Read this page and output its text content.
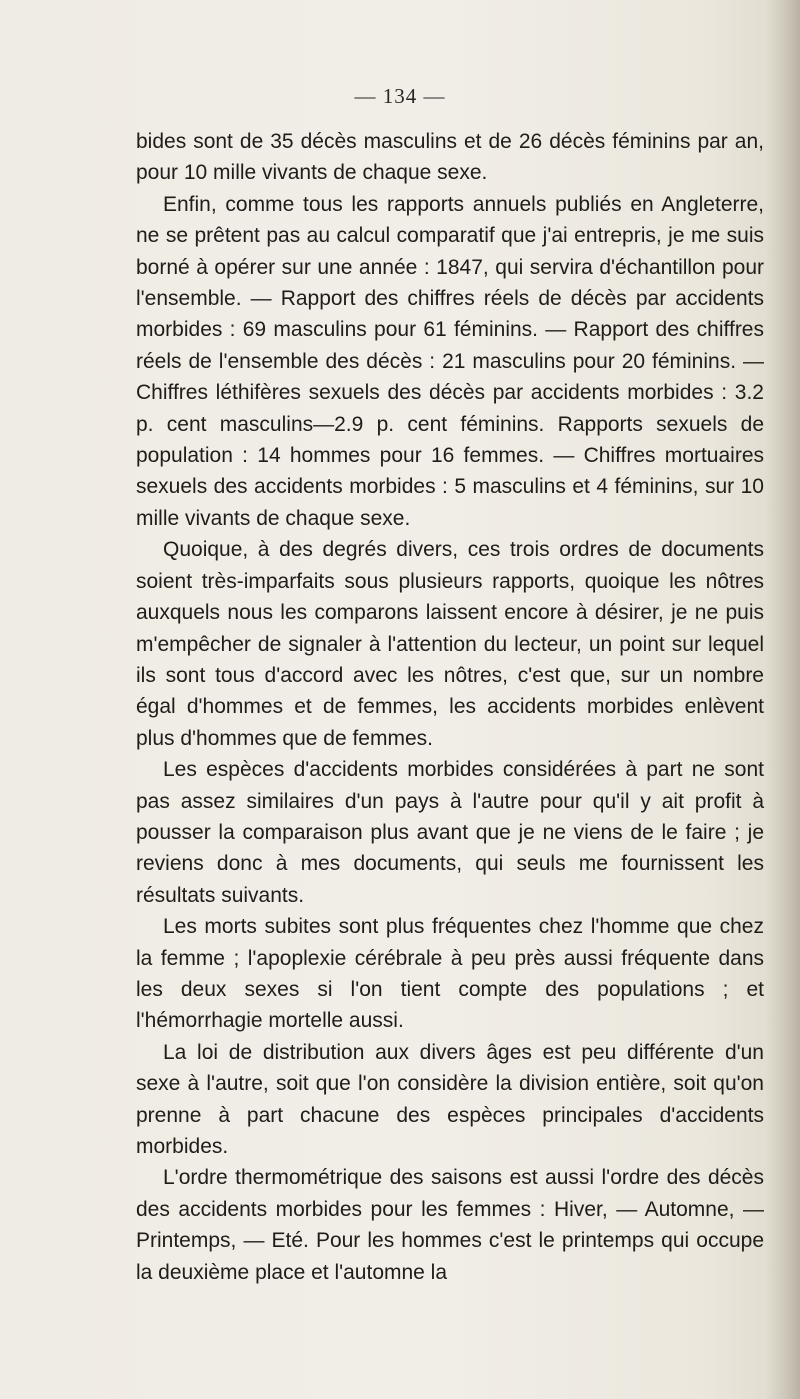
— 134 —

bides sont de 35 décès masculins et de 26 décès féminins par an, pour 10 mille vivants de chaque sexe.

Enfin, comme tous les rapports annuels publiés en Angleterre, ne se prêtent pas au calcul comparatif que j'ai entrepris, je me suis borné à opérer sur une année : 1847, qui servira d'échantillon pour l'ensemble. — Rapport des chiffres réels de décès par accidents morbides : 69 masculins pour 61 féminins. — Rapport des chiffres réels de l'ensemble des décès : 21 masculins pour 20 féminins. — Chiffres léthifères sexuels des décès par accidents morbides : 3.2 p. cent masculins—2.9 p. cent féminins. Rapports sexuels de population : 14 hommes pour 16 femmes. — Chiffres mortuaires sexuels des accidents morbides : 5 masculins et 4 féminins, sur 10 mille vivants de chaque sexe.

Quoique, à des degrés divers, ces trois ordres de documents soient très-imparfaits sous plusieurs rapports, quoique les nôtres auxquels nous les comparons laissent encore à désirer, je ne puis m'empêcher de signaler à l'attention du lecteur, un point sur lequel ils sont tous d'accord avec les nôtres, c'est que, sur un nombre égal d'hommes et de femmes, les accidents morbides enlèvent plus d'hommes que de femmes.

Les espèces d'accidents morbides considérées à part ne sont pas assez similaires d'un pays à l'autre pour qu'il y ait profit à pousser la comparaison plus avant que je ne viens de le faire ; je reviens donc à mes documents, qui seuls me fournissent les résultats suivants.

Les morts subites sont plus fréquentes chez l'homme que chez la femme ; l'apoplexie cérébrale à peu près aussi fréquente dans les deux sexes si l'on tient compte des populations ; et l'hémorrhagie mortelle aussi.

La loi de distribution aux divers âges est peu différente d'un sexe à l'autre, soit que l'on considère la division entière, soit qu'on prenne à part chacune des espèces principales d'accidents morbides.

L'ordre thermométrique des saisons est aussi l'ordre des décès des accidents morbides pour les femmes : Hiver, — Automne, — Printemps, — Eté. Pour les hommes c'est le printemps qui occupe la deuxième place et l'automne la
